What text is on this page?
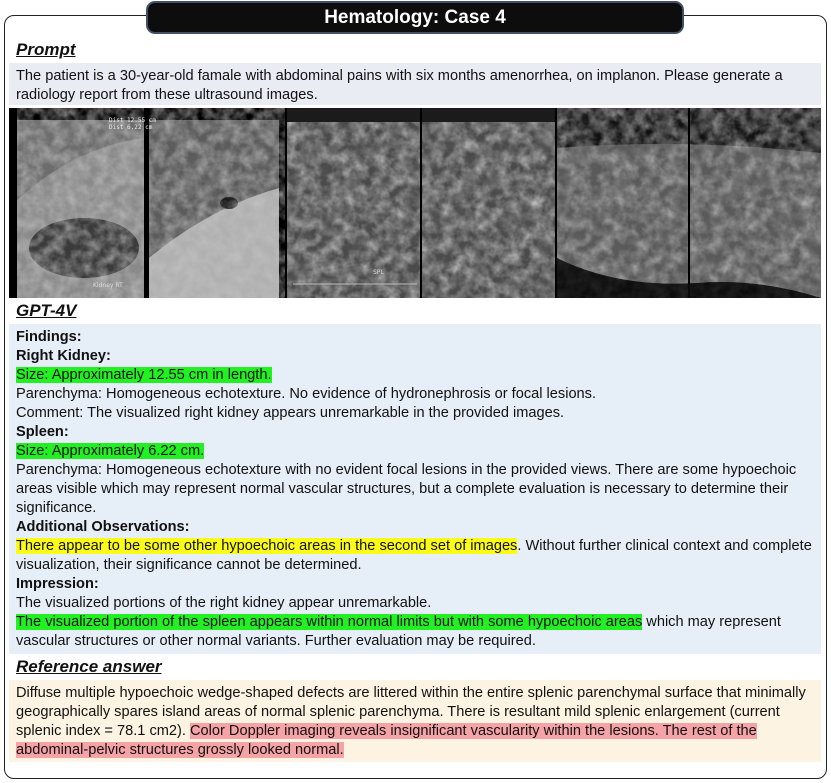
Hematology: Case 4
Prompt
The patient is a 30-year-old famale with abdominal pains with six months amenorrhea, on implanon. Please generate a radiology report from these ultrasound images.
Dist 12.55 cm
Dist 6.22 cm
Kidney RT
SPL
GPT-4V
Findings:
Right Kidney:
Size: Approximately 12.55 cm in length.
Parenchyma: Homogeneous echotexture. No evidence of hydronephrosis or focal lesions.
Comment: The visualized right kidney appears unremarkable in the provided images.
Spleen:
Size: Approximately 6.22 cm.
Parenchyma: Homogeneous echotexture with no evident focal lesions in the provided views. There are some hypoechoic areas visible which may represent normal vascular structures, but a complete evaluation is necessary to determine their significance.
Additional Observations:
There appear to be some other hypoechoic areas in the second set of images. Without further clinical context and complete visualization, their significance cannot be determined.
Impression:
The visualized portions of the right kidney appear unremarkable.
The visualized portion of the spleen appears within normal limits but with some hypoechoic areas which may represent vascular structures or other normal variants. Further evaluation may be required.
Reference answer
Diffuse multiple hypoechoic wedge-shaped defects are littered within the entire splenic parenchymal surface that minimally geographically spares island areas of normal splenic parenchyma. There is resultant mild splenic enlargement (current splenic index = 78.1 cm2). Color Doppler imaging reveals insignificant vascularity within the lesions. The rest of the abdominal-pelvic structures grossly looked normal.
